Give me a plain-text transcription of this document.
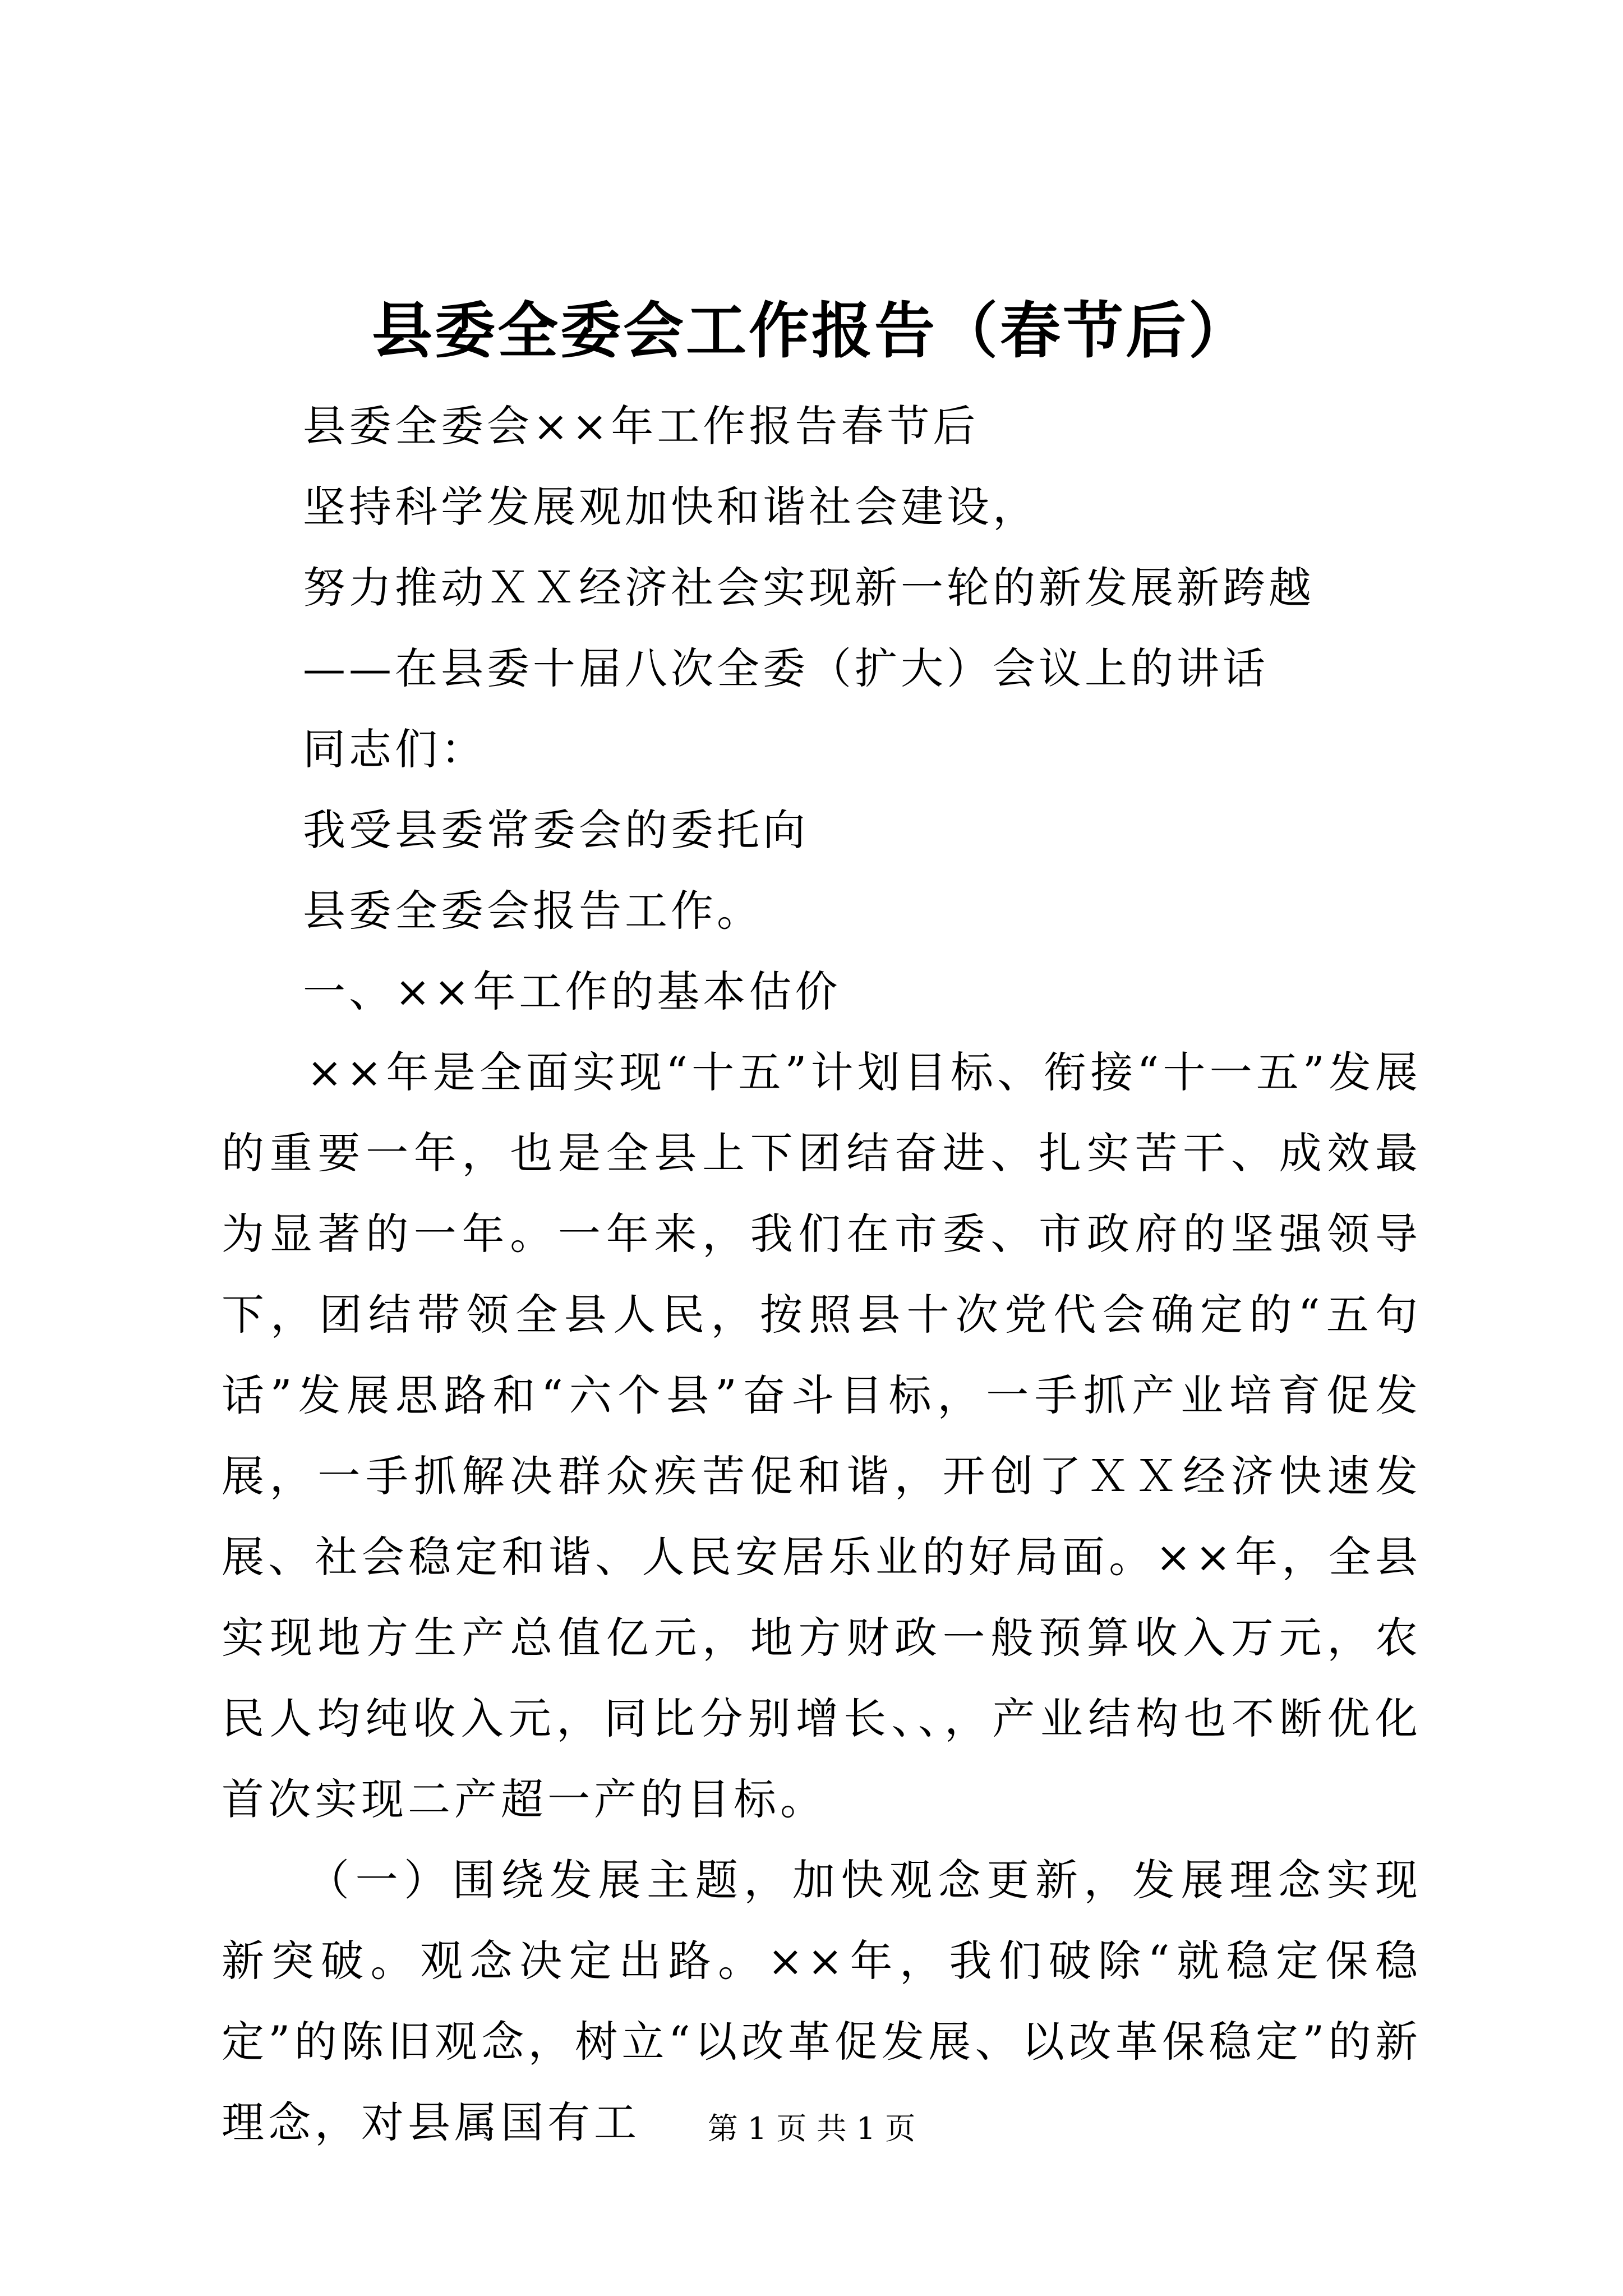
县委全委会工作报告（春节后）
县委全委会××年工作报告春节后
坚持科学发展观加快和谐社会建设，
努力推动ＸＸ经济社会实现新一轮的新发展新跨越
——在县委十届八次全委（扩大）会议上的讲话
同志们：
我受县委常委会的委托向
县委全委会报告工作。
一、××年工作的基本估价

××年是全面实现“十五”计划目标、衔接“十一五”发展的重要一年，也是全县上下团结奋进、扎实苦干、成效最为显著的一年。一年来，我们在市委、市政府的坚强领导下，团结带领全县人民，按照县十次党代会确定的“五句话”发展思路和“六个县”奋斗目标，一手抓产业培育促发展，一手抓解决群众疾苦促和谐，开创了ＸＸ经济快速发展、社会稳定和谐、人民安居乐业的好局面。××年，全县实现地方生产总值亿元，地方财政一般预算收入万元，农民人均纯收入元，同比分别增长、、，产业结构也不断优化首次实现二产超一产的目标。

（一）围绕发展主题，加快观念更新，发展理念实现新突破。观念决定出路。××年，我们破除“就稳定保稳定”的陈旧观念，树立“以改革促发展、以改革保稳定”的新理念，对县属国有工	第 1 页 共 1 页
